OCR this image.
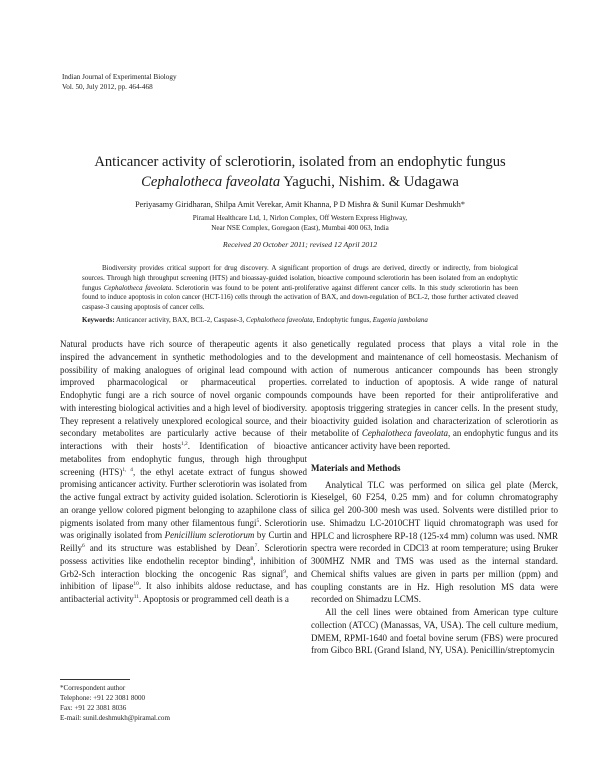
Indian Journal of Experimental Biology
Vol. 50, July 2012, pp. 464-468
Anticancer activity of sclerotiorin, isolated from an endophytic fungus
Cephalotheca faveolata Yaguchi, Nishim. & Udagawa
Periyasamy Giridharan, Shilpa Amit Verekar, Amit Khanna, P D Mishra & Sunil Kumar Deshmukh*
Piramal Healthcare Ltd, 1, Nirlon Complex, Off Western Express Highway,
Near NSE Complex, Goregaon (East), Mumbai 400 063, India
Received 20 October 2011; revised 12 April 2012

Biodiversity provides critical support for drug discovery. A significant proportion of drugs are derived, directly or indirectly, from biological sources. Through high throughput screening (HTS) and bioassay-guided isolation, bioactive compound sclerotiorin has been isolated from an endophytic fungus Cephalotheca faveolata. Sclerotiorin was found to be potent anti-proliferative against different cancer cells. In this study sclerotiorin has been found to induce apoptosis in colon cancer (HCT-116) cells through the activation of BAX, and down-regulation of BCL-2, those further activated cleaved caspase-3 causing apoptosis of cancer cells.

Keywords: Anticancer activity, BAX, BCL-2, Caspase-3, Cephalotheca faveolata, Endophytic fungus, Eugenia jambolana

Natural products have rich source of therapeutic agents it also inspired the advancement in synthetic methodologies and to the possibility of making analogues of original lead compound with improved pharmacological or pharmaceutical properties. Endophytic fungi are a rich source of novel organic compounds with interesting biological activities and a high level of biodiversity. They represent a relatively unexplored ecological source, and their secondary metabolites are particularly active because of their interactions with their hosts$^{1,2}$. Identification of bioactive metabolites from endophytic fungus, through high throughput screening (HTS)$^{1, 4}$, the ethyl acetate extract of fungus showed promising anticancer activity. Further sclerotiorin was isolated from the active fungal extract by activity guided isolation. Sclerotiorin is an orange yellow colored pigment belonging to azaphilone class of pigments isolated from many other filamentous fungi$^5$. Sclerotiorin was originally isolated from Penicillium sclerotiorum by Curtin and Reilly$^6$ and its structure was established by Dean$^7$. Sclerotiorin possess activities like endothelin receptor binding$^8$, inhibition of Grb2-Sch interaction blocking the oncogenic Ras signal$^9$, and inhibition of lipase$^{10}$. It also inhibits aldose reductase, and has antibacterial activity$^{11}$. Apoptosis or programmed cell death is a

genetically regulated process that plays a vital role in the development and maintenance of cell homeostasis. Mechanism of action of numerous anticancer compounds has been strongly correlated to induction of apoptosis. A wide range of natural compounds have been reported for their antiproliferative and apoptosis triggering strategies in cancer cells. In the present study, bioactivity guided isolation and characterization of sclerotiorin as metabolite of Cephalotheca faveolata, an endophytic fungus and its anticancer activity have been reported.

Materials and Methods

Analytical TLC was performed on silica gel plate (Merck, Kieselgel, 60 F254, 0.25 mm) and for column chromatography silica gel 200-300 mesh was used. Solvents were distilled prior to use. Shimadzu LC-2010CHT liquid chromatograph was used for HPLC and licrosphere RP-18 (125-x4 mm) column was used. NMR spectra were recorded in CDCl3 at room temperature; using Bruker 300MHZ NMR and TMS was used as the internal standard. Chemical shifts values are given in parts per million (ppm) and coupling constants are in Hz. High resolution MS data were recorded on Shimadzu LCMS.

All the cell lines were obtained from American type culture collection (ATCC) (Manassas, VA, USA). The cell culture medium, DMEM, RPMI-1640 and foetal bovine serum (FBS) were procured from Gibco BRL (Grand Island, NY, USA). Penicillin/streptomycin

*Correspondent author
Telephone: +91 22 3081 8000
Fax: +91 22 3081 8036
E-mail: sunil.deshmukh@piramal.com
